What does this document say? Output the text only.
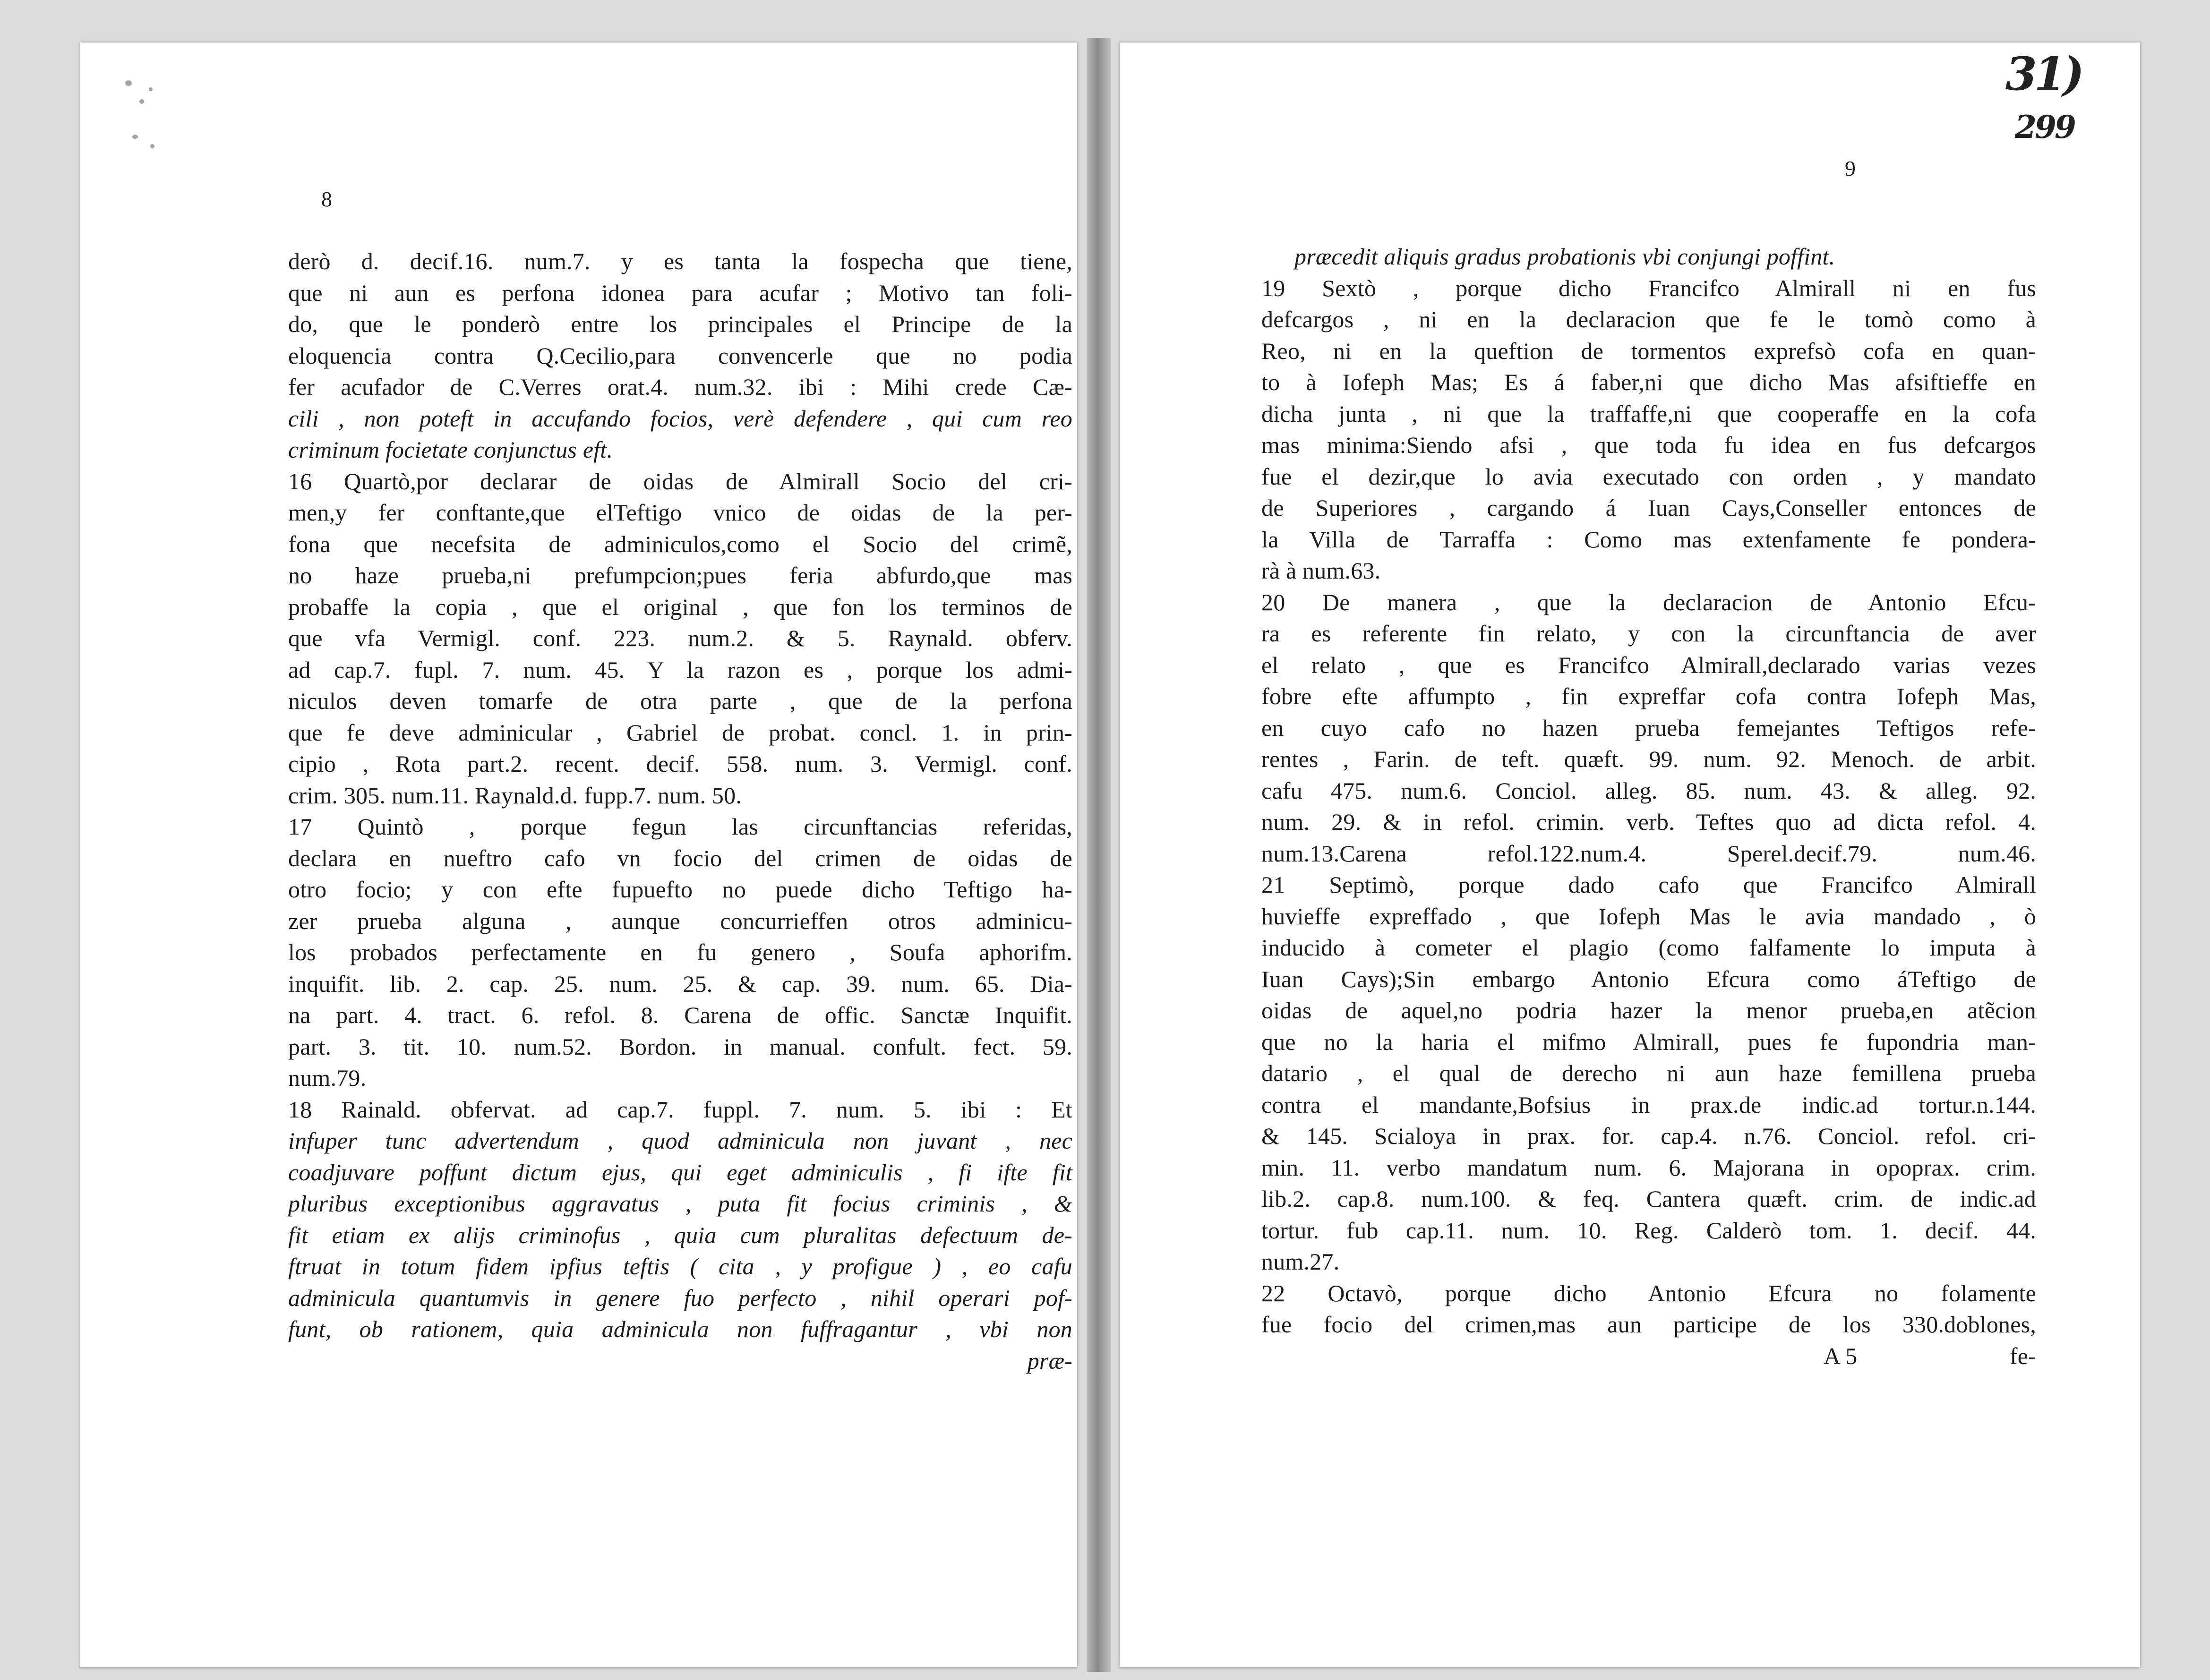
8
derò d. decif.16. num.7. y es tanta la fospecha que tiene,
que ni aun es perfona idonea para acufar ; Motivo tan foli-
do, que le ponderò entre los principales el Principe de la
eloquencia contra Q.Cecilio,para convencerle que no podia
fer acufador de C.Verres orat.4. num.32. ibi : Mihi crede Cæ-
cili , non poteft in accufando focios, verè defendere , qui cum reo
criminum focietate conjunctus eft.
16 Quartò,por declarar de oidas de Almirall Socio del cri-
men,y fer conftante,que elTeftigo vnico de oidas de la per-
fona que necefsita de adminiculos,como el Socio del crimẽ,
no haze prueba,ni prefumpcion;pues feria abfurdo,que mas
probaffe la copia , que el original , que fon los terminos de
que vfa Vermigl. conf. 223. num.2. & 5. Raynald. obferv.
ad cap.7. fupl. 7. num. 45. Y la razon es , porque los admi-
niculos deven tomarfe de otra parte , que de la perfona
que fe deve adminicular , Gabriel de probat. concl. 1. in prin-
cipio , Rota part.2. recent. decif. 558. num. 3. Vermigl. conf.
crim. 305. num.11. Raynald.d. fupp.7. num. 50.
17 Quintò , porque fegun las circunftancias referidas,
declara en nueftro cafo vn focio del crimen de oidas de
otro focio; y con efte fupuefto no puede dicho Teftigo ha-
zer prueba alguna , aunque concurrieffen otros adminicu-
los probados perfectamente en fu genero , Soufa aphorifm.
inquifit. lib. 2. cap. 25. num. 25. & cap. 39. num. 65. Dia-
na part. 4. tract. 6. refol. 8. Carena de offic. Sanctæ Inquifit.
part. 3. tit. 10. num.52. Bordon. in manual. confult. fect. 59.
num.79.
18 Rainald. obfervat. ad cap.7. fuppl. 7. num. 5. ibi : Et
infuper tunc advertendum , quod adminicula non juvant , nec
coadjuvare poffunt dictum ejus, qui eget adminiculis , fi ifte fit
pluribus exceptionibus aggravatus , puta fit focius criminis , &
fit etiam ex alijs criminofus , quia cum pluralitas defectuum de-
ftruat in totum fidem ipfius teftis ( cita , y profigue ) , eo cafu
adminicula quantumvis in genere fuo perfecto , nihil operari pof-
funt, ob rationem, quia adminicula non fuffragantur , vbi non
præ-
9
præcedit aliquis gradus probationis vbi conjungi poffint.
19 Sextò , porque dicho Francifco Almirall ni en fus
defcargos , ni en la declaracion que fe le tomò como à
Reo, ni en la queftion de tormentos exprefsò cofa en quan-
to à Iofeph Mas; Es á faber,ni que dicho Mas afsiftieffe en
dicha junta , ni que la traffaffe,ni que cooperaffe en la cofa
mas minima:Siendo afsi , que toda fu idea en fus defcargos
fue el dezir,que lo avia executado con orden , y mandato
de Superiores , cargando á Iuan Cays,Conseller entonces de
la Villa de Tarraffa : Como mas extenfamente fe pondera-
rà à num.63.
20 De manera , que la declaracion de Antonio Efcu-
ra es referente fin relato, y con la circunftancia de aver
el relato , que es Francifco Almirall,declarado varias vezes
fobre efte affumpto , fin expreffar cofa contra Iofeph Mas,
en cuyo cafo no hazen prueba femejantes Teftigos refe-
rentes , Farin. de teft. quæft. 99. num. 92. Menoch. de arbit.
cafu 475. num.6. Conciol. alleg. 85. num. 43. & alleg. 92.
num. 29. & in refol. crimin. verb. Teftes quo ad dicta refol. 4.
num.13.Carena refol.122.num.4. Sperel.decif.79. num.46.
21 Septimò, porque dado cafo que Francifco Almirall
huvieffe expreffado , que Iofeph Mas le avia mandado , ò
inducido à cometer el plagio (como falfamente lo imputa à
Iuan Cays);Sin embargo Antonio Efcura como áTeftigo de
oidas de aquel,no podria hazer la menor prueba,en atẽcion
que no la haria el mifmo Almirall, pues fe fupondria man-
datario , el qual de derecho ni aun haze femillena prueba
contra el mandante,Bofsius in prax.de indic.ad tortur.n.144.
& 145. Scialoya in prax. for. cap.4. n.76. Conciol. refol. cri-
min. 11. verbo mandatum num. 6. Majorana in opoprax. crim.
lib.2. cap.8. num.100. & feq. Cantera quæft. crim. de indic.ad
tortur. fub cap.11. num. 10. Reg. Calderò tom. 1. decif. 44.
num.27.
22 Octavò, porque dicho Antonio Efcura no folamente
fue focio del crimen,mas aun participe de los 330.doblones,
A 5	fe-
31)
299
